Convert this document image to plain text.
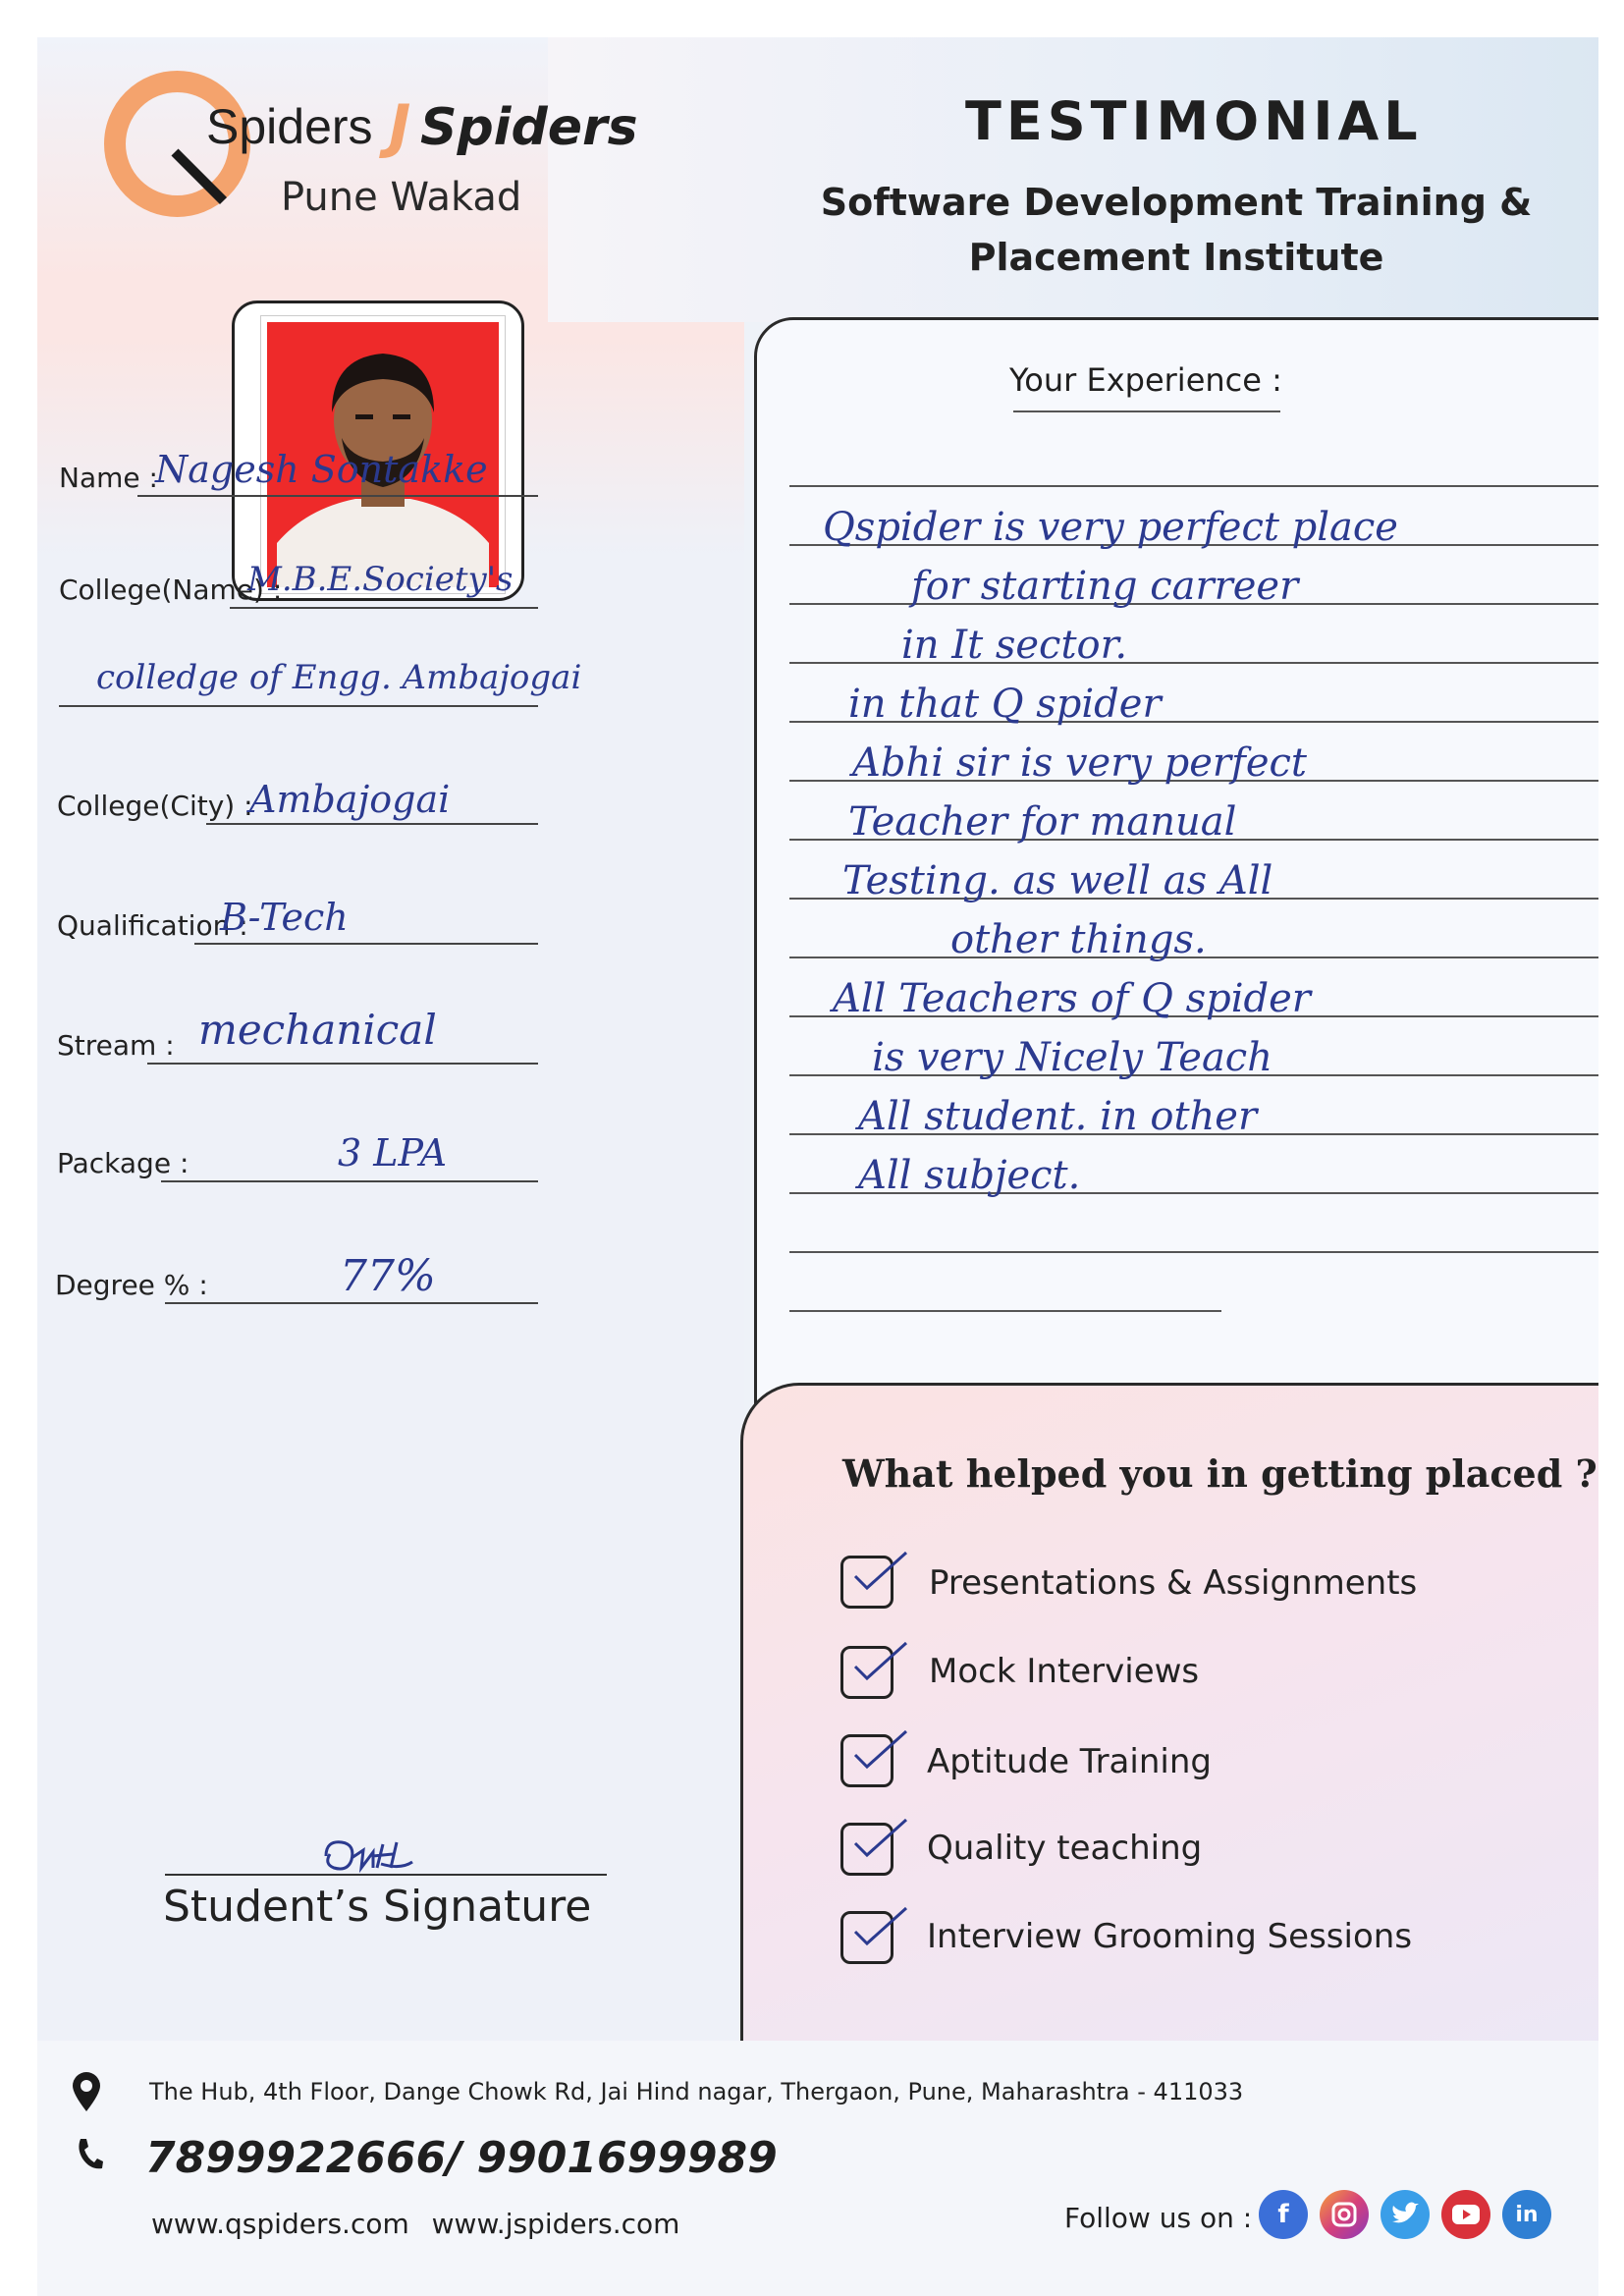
Spiders J Spiders
Pune Wakad
TESTIMONIAL
Software Development Training &
Placement Institute
Name :
Nagesh Sontakke
College(Name) :
M.B.E.Society's
colledge of Engg. Ambajogai
College(City) :
Ambajogai
Qualification :
B-Tech
Stream : mechanical
Package :	3 LPA
Degree % :	77%
Student’s Signature
Your Experience :
Qspider is very perfect place
for starting carreer
in It sector.
in that Q spider
Abhi sir is very perfect
Teacher for manual
Testing. as well as All
other things.
All Teachers of Q spider
is very Nicely Teach
All student. in other
All subject.
What helped you in getting placed ?
Presentations & Assignments
Mock Interviews
Aptitude Training
Quality teaching
Interview Grooming Sessions
The Hub, 4th Floor, Dange Chowk Rd, Jai Hind nagar, Thergaon, Pune, Maharashtra - 411033
7899922666/ 9901699989
www.qspiders.com www.jspiders.com	Follow us on :	f	in
